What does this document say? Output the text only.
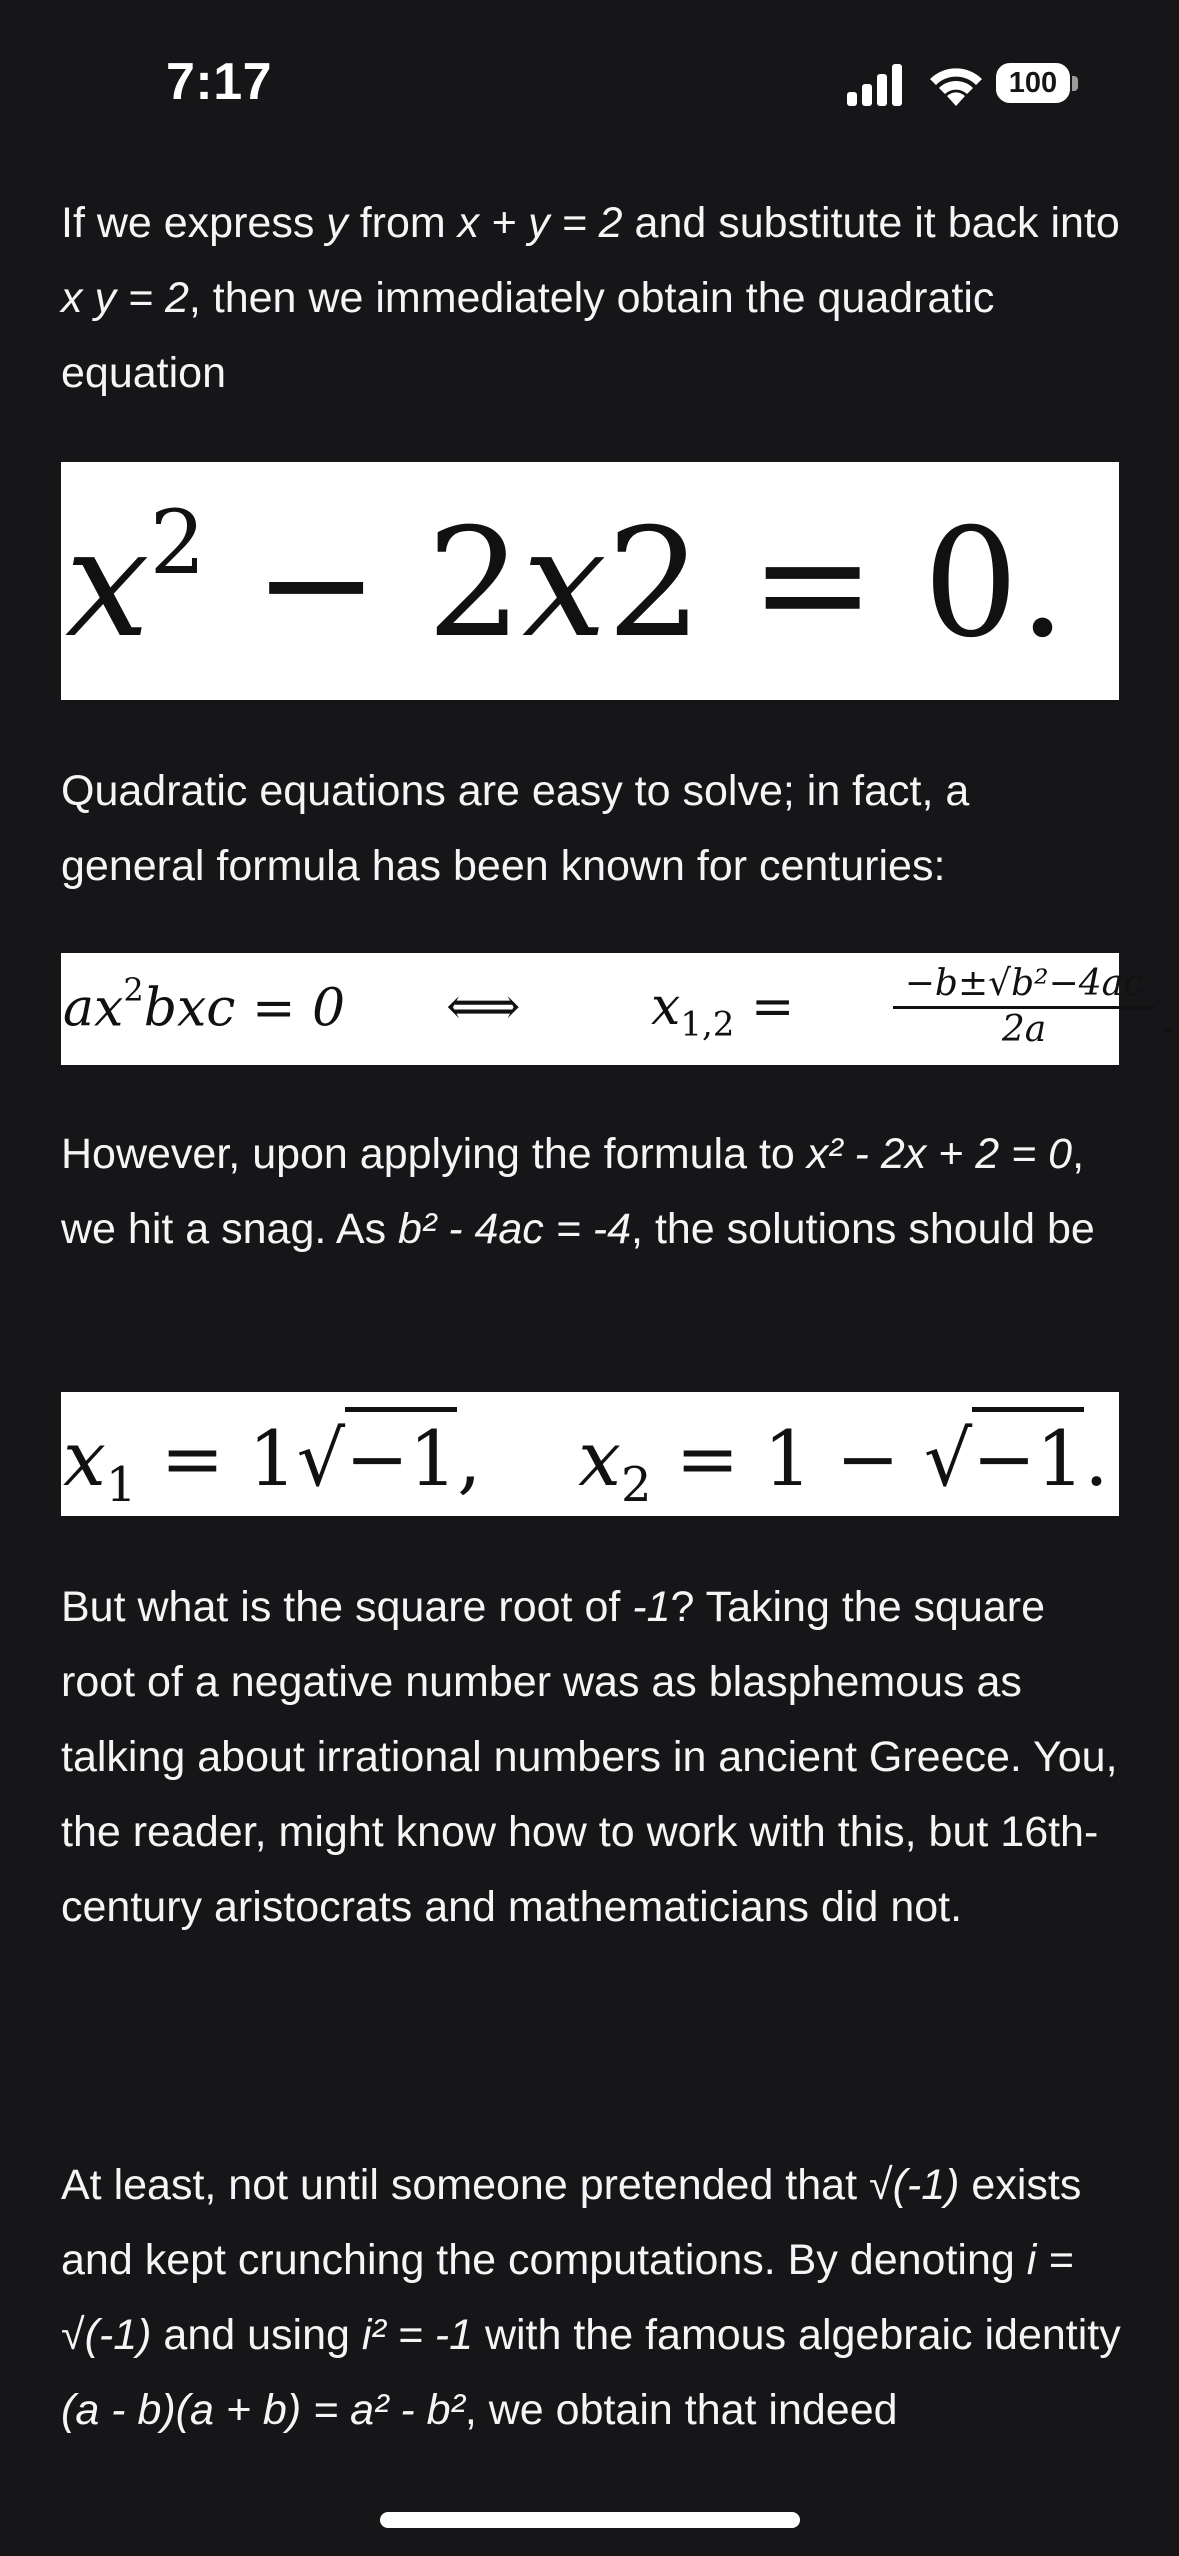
7:17	100

If we express y from x + y = 2 and substitute it back into x y = 2, then we immediately obtain the quadratic equation

$x^2 - 2x2 = 0$.

Quadratic equations are easy to solve; in fact, a general formula has been known for centuries:

$ax^2bxc = 0$ ⟺	$x_{1,2}$ =	$\frac{\text{−b±√b²−4ac}}{2a}$ .

However, upon applying the formula to x² - 2x + 2 = 0, we hit a snag. As b² - 4ac = -4, the solutions should be

$x_1 = 1√-1$, $x_2 = 1 - √-1$.

But what is the square root of -1? Taking the square root of a negative number was as blasphemous as talking about irrational numbers in ancient Greece. You, the reader, might know how to work with this, but 16th-century aristocrats and mathematicians did not.

At least, not until someone pretended that √(-1) exists and kept crunching the computations. By denoting i = √(-1) and using i² = -1 with the famous algebraic identity (a - b)(a + b) = a² - b², we obtain that indeed
